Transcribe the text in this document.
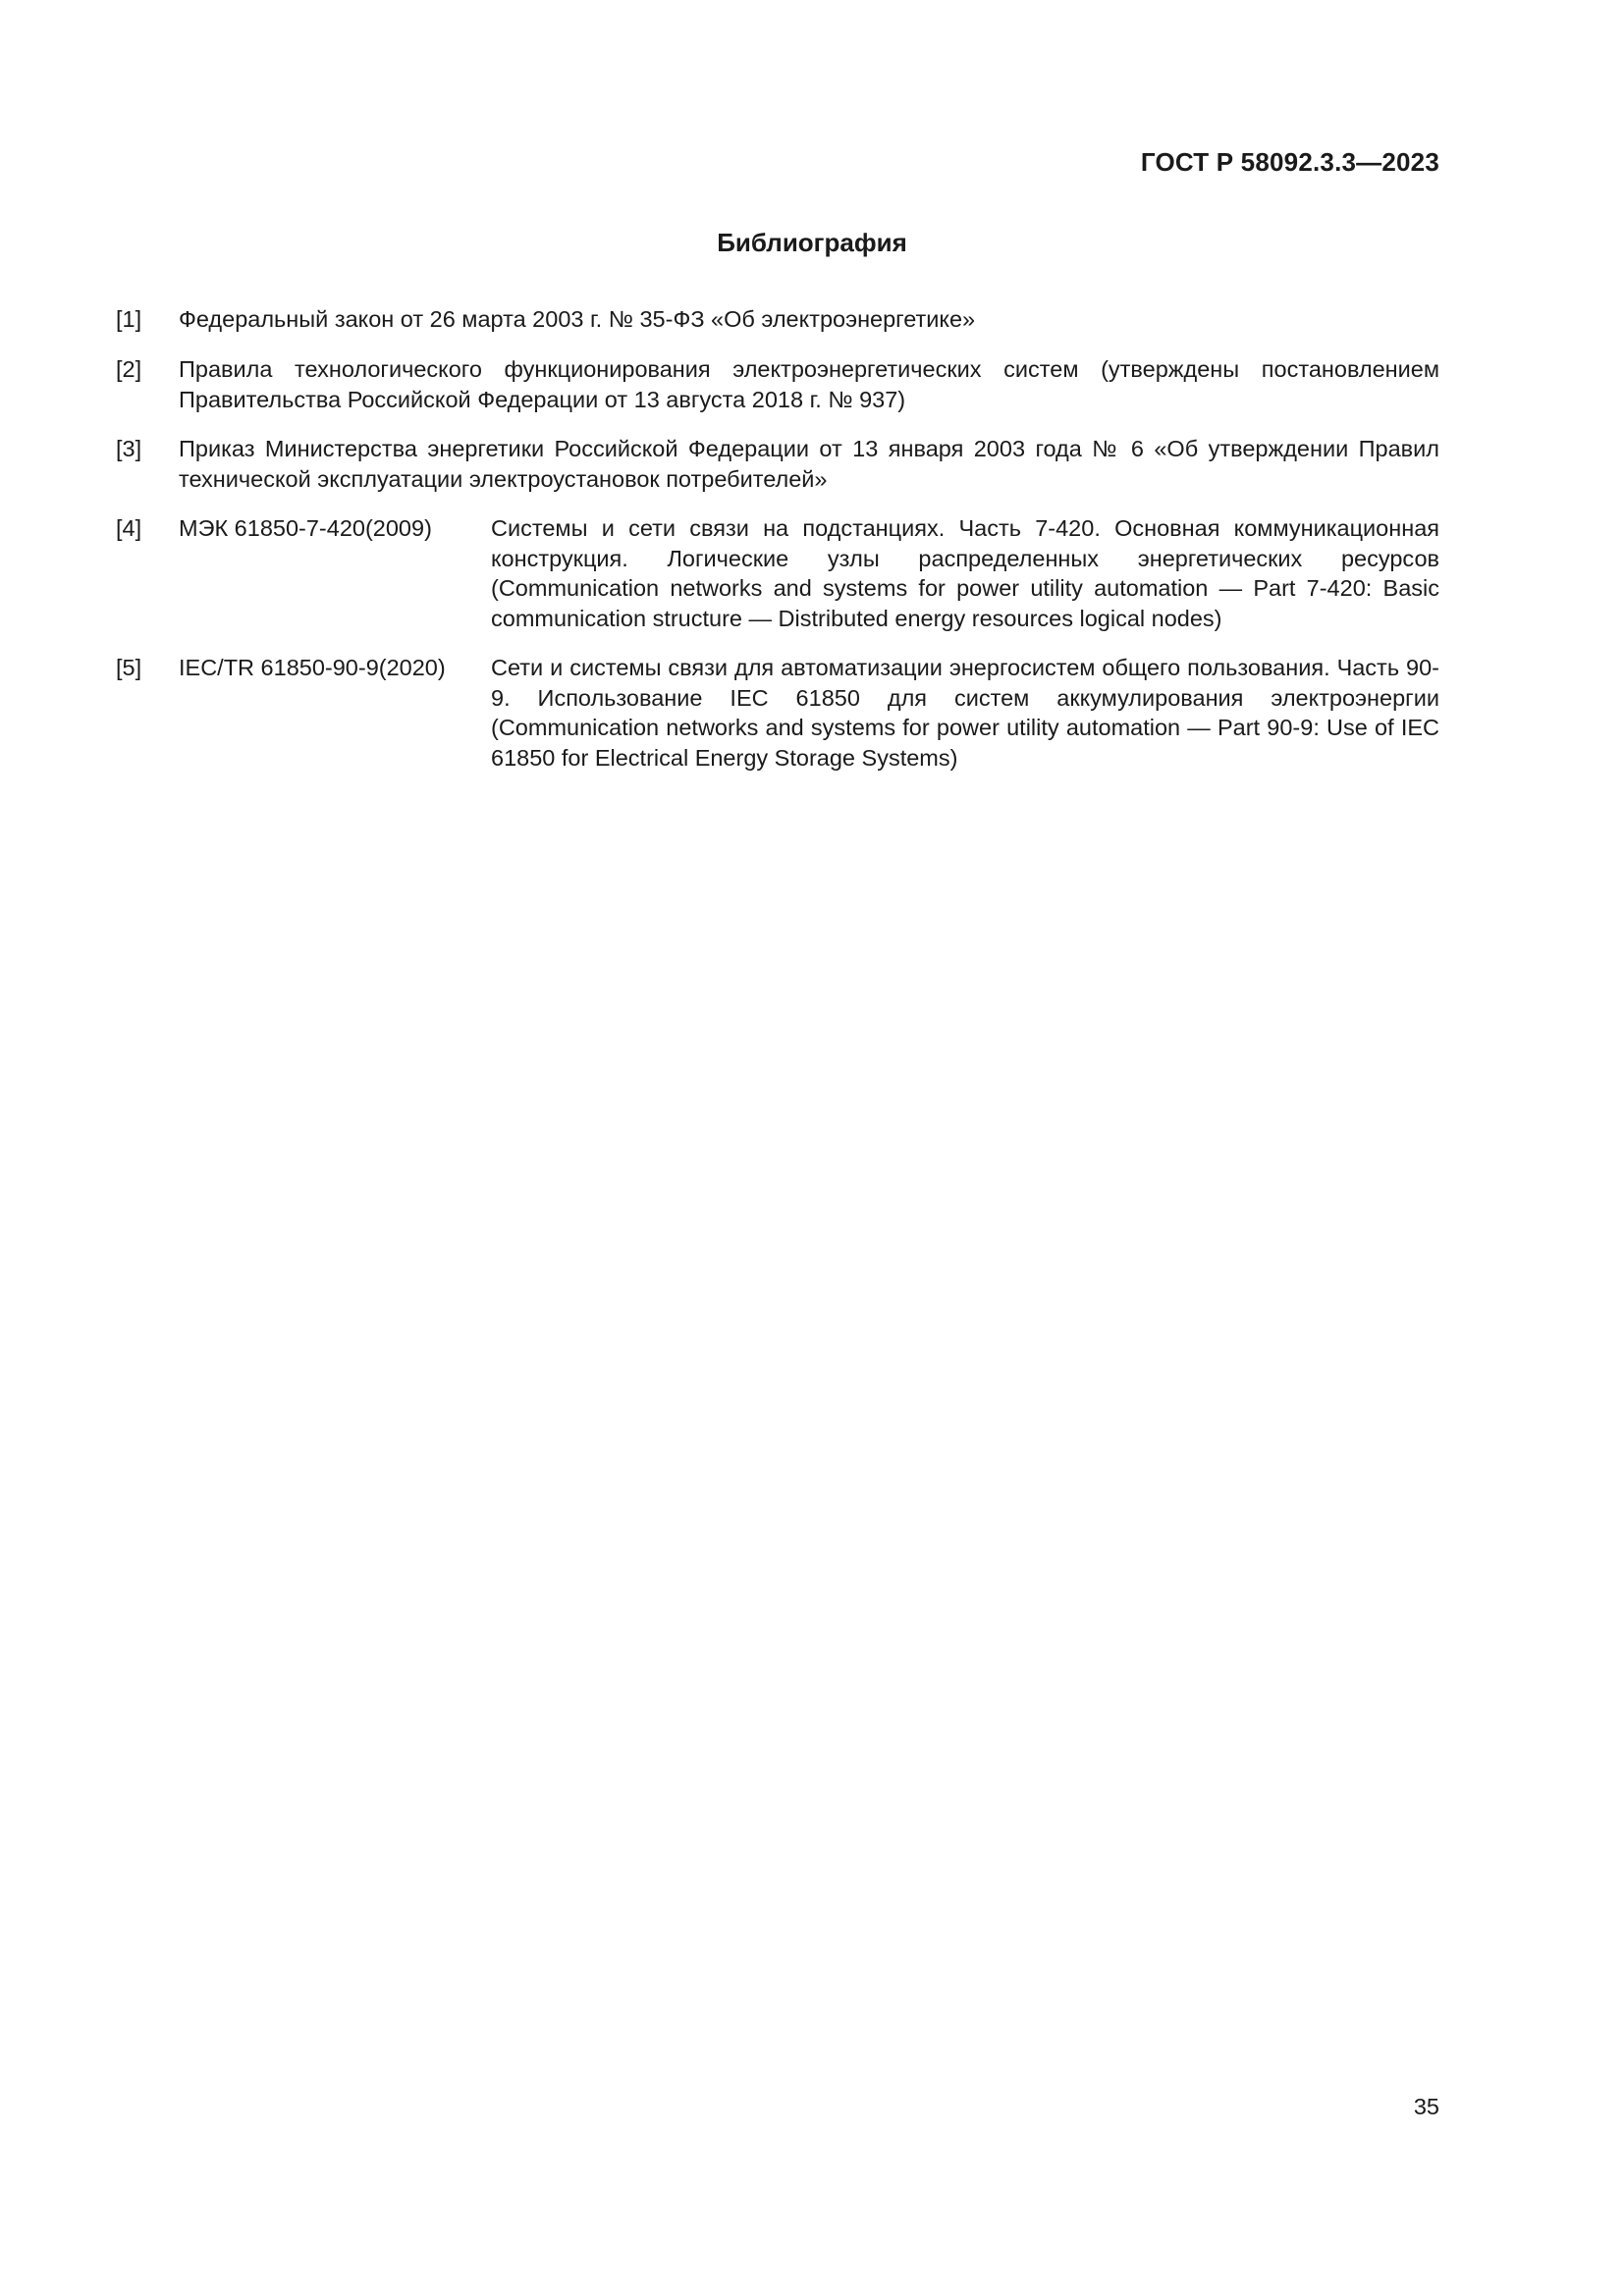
ГОСТ Р 58092.3.3—2023
Библиография
[1] Федеральный закон от 26 марта 2003 г. № 35-ФЗ «Об электроэнергетике»
[2] Правила технологического функционирования электроэнергетических систем (утверждены постановлением Правительства Российской Федерации от 13 августа 2018 г. № 937)
[3] Приказ Министерства энергетики Российской Федерации от 13 января 2003 года № 6 «Об утверждении Правил технической эксплуатации электроустановок потребителей»
[4] МЭК 61850-7-420(2009)	Системы и сети связи на подстанциях. Часть 7-420. Основная коммуникационная конструкция. Логические узлы распределенных энергетических ресурсов (Communication networks and systems for power utility automation — Part 7-420: Basic communication structure — Distributed energy resources logical nodes)
[5] IEC/TR 61850-90-9(2020) Сети и системы связи для автоматизации энергосистем общего пользования. Часть 90-9. Использование IEC 61850 для систем аккумулирования электроэнергии (Communication networks and systems for power utility automation — Part 90-9: Use of IEC 61850 for Electrical Energy Storage Systems)
35
